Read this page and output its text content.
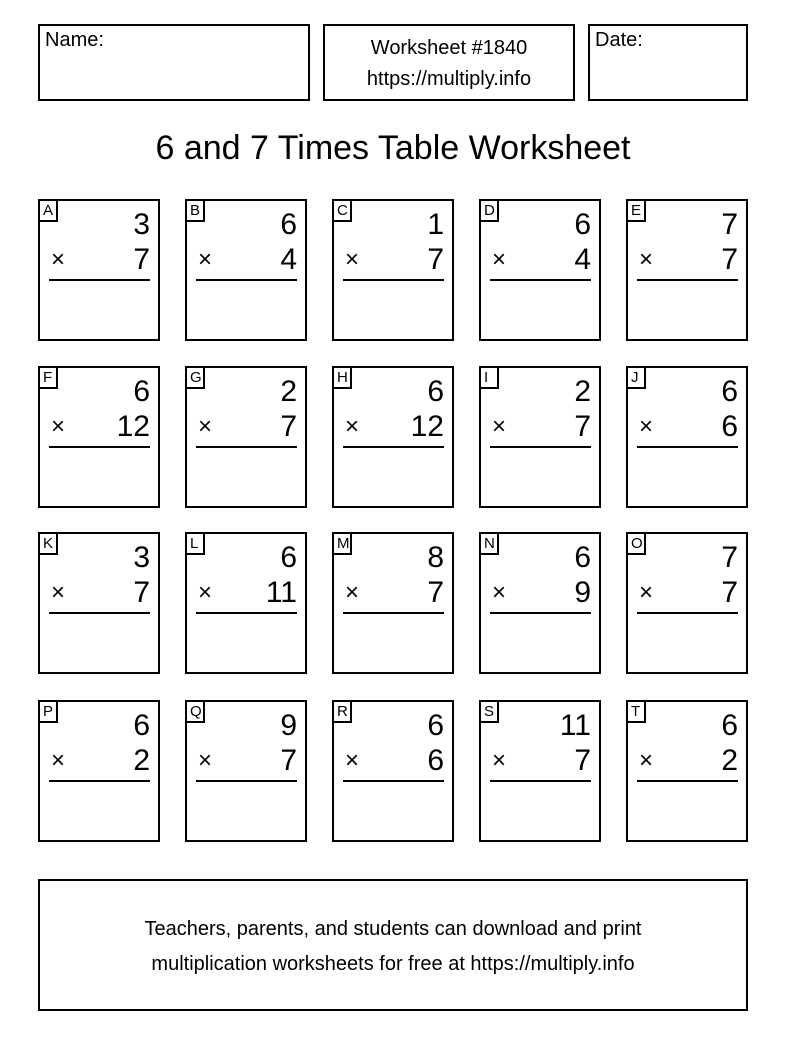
Name:	Worksheet #1840
https://multiply.info
Date:
6 and 7 Times Table Worksheet
A	3
× 7
B	6
× 4
C	1
× 7
D	6
× 4
E	7
× 7
F	6
× 12
G	2
× 7
H	6
× 12
I	2
× 7
J	6
× 6
K	3
× 7
L	6
× 11
M	8
× 7
N	6
× 9
O	7
× 7
P	6
× 2
Q	9
× 7
R	6
× 6
S 11
× 7
T	6
× 2
Teachers, parents, and students can download and print
multiplication worksheets for free at https://multiply.info
